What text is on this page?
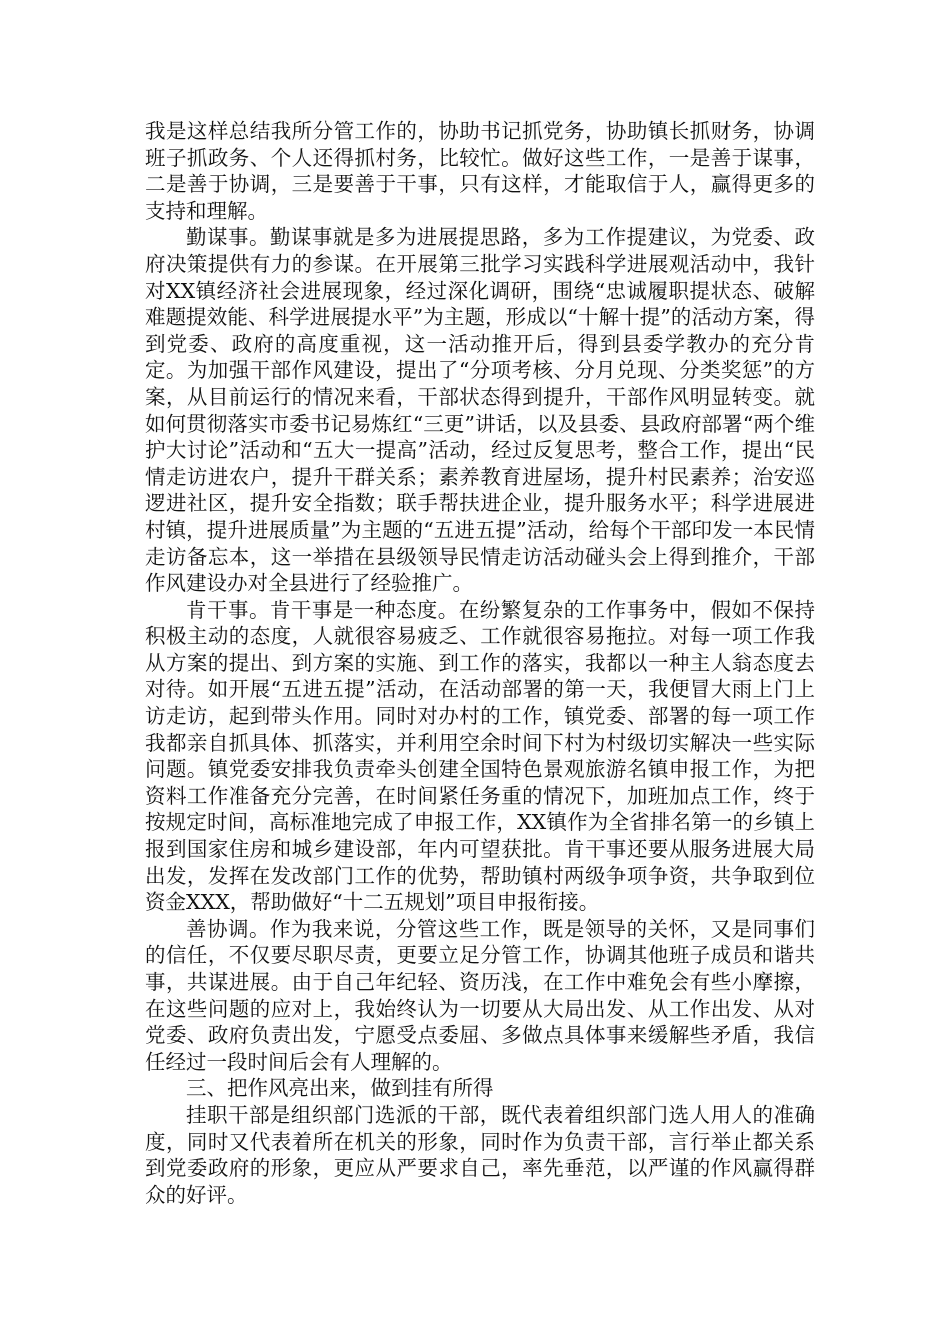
我是这样总结我所分管工作的，协助书记抓党务，协助镇长抓财务，协调班子抓政务、个人还得抓村务，比较忙。做好这些工作，一是善于谋事，二是善于协调，三是要善于干事，只有这样，才能取信于人，赢得更多的支持和理解。

勤谋事。勤谋事就是多为进展提思路，多为工作提建议，为党委、政府决策提供有力的参谋。在开展第三批学习实践科学进展观活动中，我针对XX镇经济社会进展现象，经过深化调研，围绕“忠诚履职提状态、破解难题提效能、科学进展提水平”为主题，形成以“十解十提”的活动方案，得到党委、政府的高度重视，这一活动推开后，得到县委学教办的充分肯定。为加强干部作风建设，提出了“分项考核、分月兑现、分类奖惩”的方案，从目前运行的情况来看，干部状态得到提升，干部作风明显转变。就如何贯彻落实市委书记易炼红“三更”讲话，以及县委、县政府部署“两个维护大讨论”活动和“五大一提高”活动，经过反复思考，整合工作，提出“民情走访进农户，提升干群关系；素养教育进屋场，提升村民素养；治安巡逻进社区，提升安全指数；联手帮扶进企业，提升服务水平；科学进展进村镇，提升进展质量”为主题的“五进五提”活动，给每个干部印发一本民情走访备忘本，这一举措在县级领导民情走访活动碰头会上得到推介，干部作风建设办对全县进行了经验推广。

肯干事。肯干事是一种态度。在纷繁复杂的工作事务中，假如不保持积极主动的态度，人就很容易疲乏、工作就很容易拖拉。对每一项工作我从方案的提出、到方案的实施、到工作的落实，我都以一种主人翁态度去对待。如开展“五进五提”活动，在活动部署的第一天，我便冒大雨上门上访走访，起到带头作用。同时对办村的工作，镇党委、部署的每一项工作我都亲自抓具体、抓落实，并利用空余时间下村为村级切实解决一些实际问题。镇党委安排我负责牵头创建全国特色景观旅游名镇申报工作，为把资料工作准备充分完善，在时间紧任务重的情况下，加班加点工作，终于按规定时间，高标准地完成了申报工作，XX镇作为全省排名第一的乡镇上报到国家住房和城乡建设部，年内可望获批。肯干事还要从服务进展大局出发，发挥在发改部门工作的优势，帮助镇村两级争项争资，共争取到位资金XXX，帮助做好“十二五规划”项目申报衔接。

善协调。作为我来说，分管这些工作，既是领导的关怀，又是同事们的信任，不仅要尽职尽责，更要立足分管工作，协调其他班子成员和谐共事，共谋进展。由于自己年纪轻、资历浅，在工作中难免会有些小摩擦，在这些问题的应对上，我始终认为一切要从大局出发、从工作出发、从对党委、政府负责出发，宁愿受点委屈、多做点具体事来缓解些矛盾，我信任经过一段时间后会有人理解的。

三、把作风亮出来，做到挂有所得

挂职干部是组织部门选派的干部，既代表着组织部门选人用人的准确度，同时又代表着所在机关的形象，同时作为负责干部，言行举止都关系到党委政府的形象，更应从严要求自己，率先垂范，以严谨的作风赢得群众的好评。
